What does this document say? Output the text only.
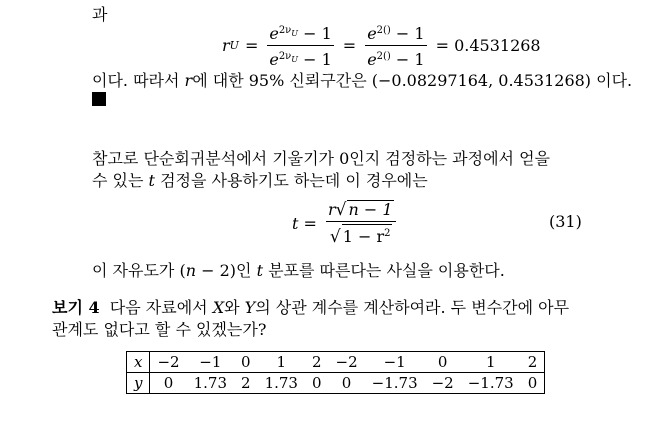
과
r $U = \frac{e^{2\nu}U - 1}{e^{2\nu}U - 1} = \frac{e^{2()} - 1}{e^{2()} - 1} = 0.4531268$
이다. 따라서 r에 대한 95% 신뢰구간은 (−0.08297164, 0.4531268) 이다.
참고로 단순회귀분석에서 기울기가 0인지 검정하는 과정에서 얻을
수 있는 t 검정을 사용하기도 하는데 이 경우에는
$t = \frac{r√ n - 1}{√ 1 - r^2}$	(31)
이 자유도가 (n − 2)인 t 분포를 따른다는 사실을 이용한다.
보기 4 다음 자료에서 X와 Y의 상관 계수를 계산하여라. 두 변수간에 아무
관계도 없다고 할 수 있겠는가?
x	−2	−1	0	1	2	−2	−1	0	1	2
y	0	1.73	2	1.73	0	0	−1.73	−2	−1.73	0
